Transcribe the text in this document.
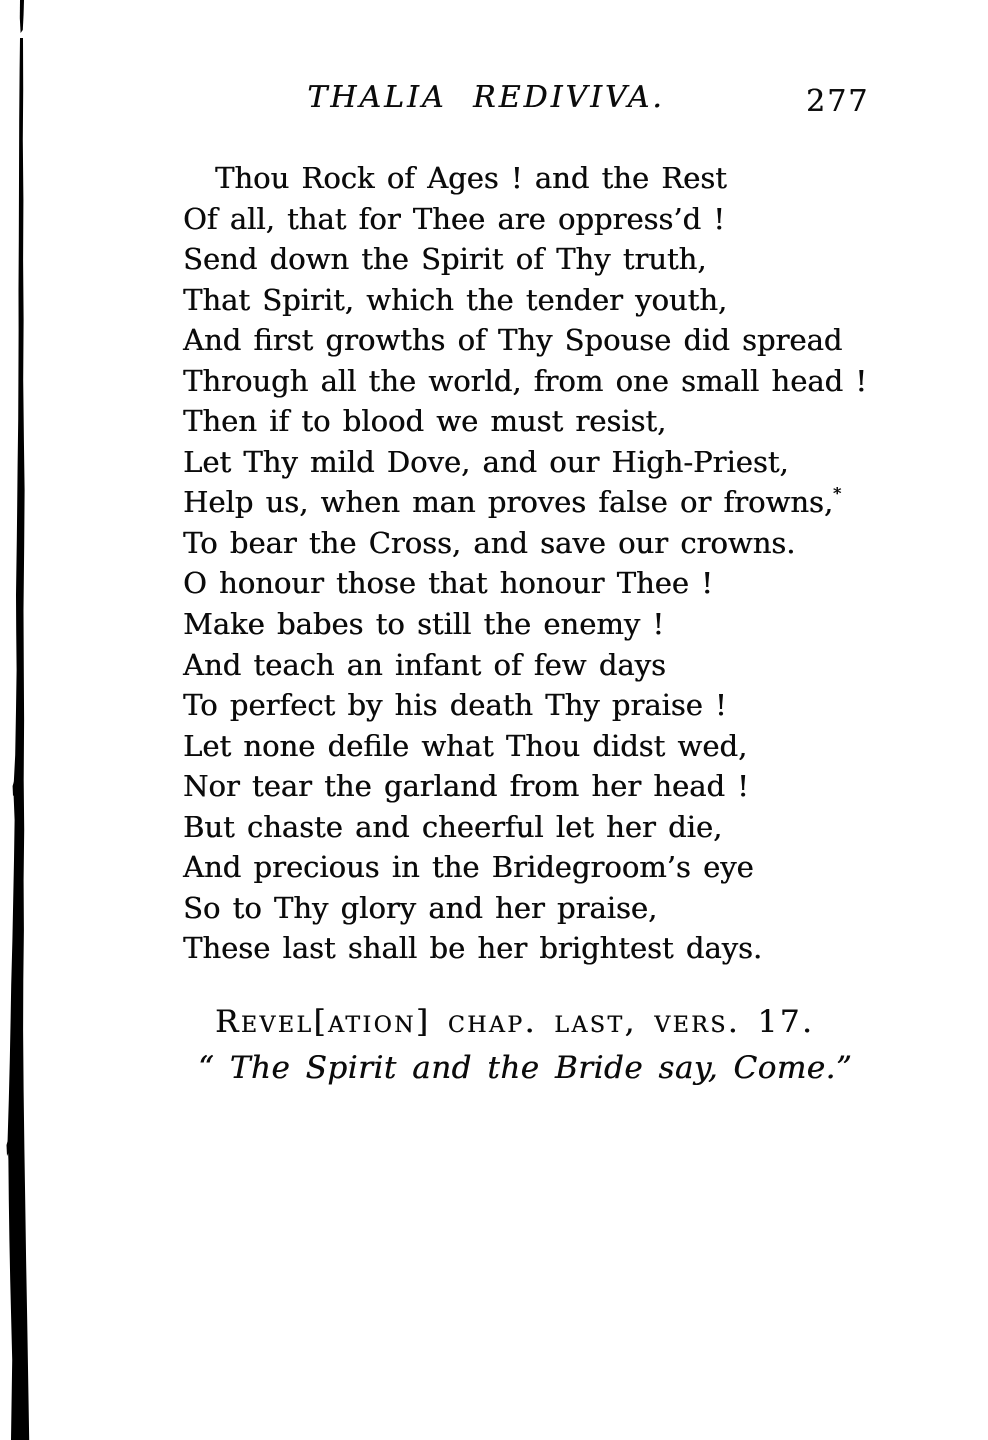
THALIA REDIVIVA.	277
Thou Rock of Ages ! and the Rest
Of all, that for Thee are oppress’d !
Send down the Spirit of Thy truth,
That Spirit, which the tender youth,
And first growths of Thy Spouse did spread
Through all the world, from one small head !
Then if to blood we must resist,
Let Thy mild Dove, and our High-Priest,
Help us, when man proves false or frowns,*
To bear the Cross, and save our crowns.
O honour those that honour Thee !
Make babes to still the enemy !
And teach an infant of few days
To perfect by his death Thy praise !
Let none defile what Thou didst wed,
Nor tear the garland from her head !
But chaste and cheerful let her die,
And precious in the Bridegroom’s eye
So to Thy glory and her praise,
These last shall be her brightest days.
Revel[ation] chap. last, vers. 17.
“ The Spirit and the Bride say, Come.”
